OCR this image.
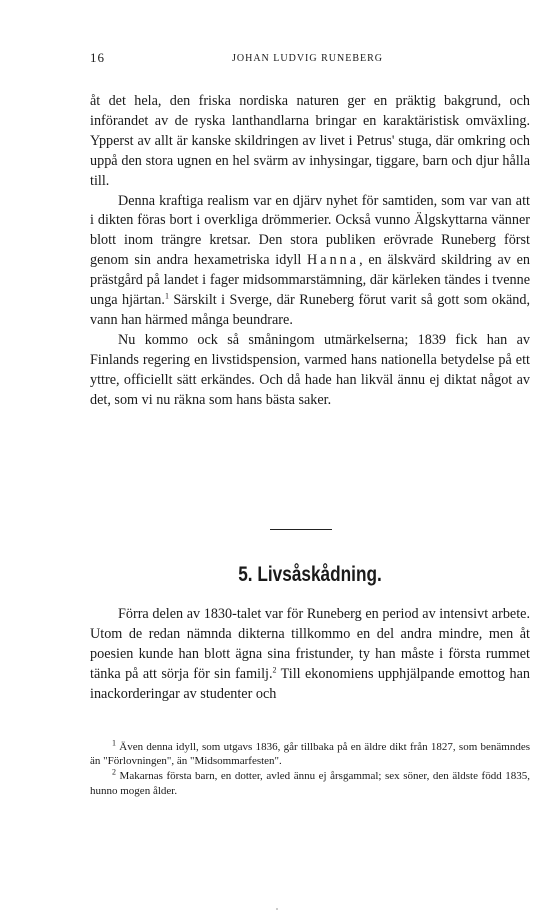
16	JOHAN LUDVIG RUNEBERG

åt det hela, den friska nordiska naturen ger en präktig bakgrund, och införandet av de ryska lanthandlarna bringar en karaktäristisk omväxling. Ypperst av allt är kanske skildringen av livet i Petrus' stuga, där omkring och uppå den stora ugnen en hel svärm av inhysingar, tiggare, barn och djur hålla till.

Denna kraftiga realism var en djärv nyhet för samtiden, som var van att i dikten föras bort i overkliga drömmerier. Också vunno Älgskyttarna vänner blott inom trängre kretsar. Den stora publiken erövrade Runeberg först genom sin andra hexametriska idyll Hanna, en älskvärd skildring av en prästgård på landet i fager midsommarstämning, där kärleken tändes i tvenne unga hjärtan.$^1$ Särskilt i Sverge, där Runeberg förut varit så gott som okänd, vann han härmed många beundrare.

Nu kommo ock så småningom utmärkelserna; 1839 fick han av Finlands regering en livstidspension, varmed hans nationella betydelse på ett yttre, officiellt sätt erkändes. Och då hade han likväl ännu ej diktat något av det, som vi nu räkna som hans bästa saker.

5. Livsåskådning.

Förra delen av 1830-talet var för Runeberg en period av intensivt arbete. Utom de redan nämnda dikterna tillkommo en del andra mindre, men åt poesien kunde han blott ägna sina fristunder, ty han måste i första rummet tänka på att sörja för sin familj.$^2$ Till ekonomiens upphjälpande emottog han inackorderingar av studenter och

$^1$ Även denna idyll, som utgavs 1836, går tillbaka på en äldre dikt från 1827, som benämndes än "Förlovningen", än "Midsommarfesten".

$^2$ Makarnas första barn, en dotter, avled ännu ej årsgammal; sex söner, den äldste född 1835, hunno mogen ålder.
